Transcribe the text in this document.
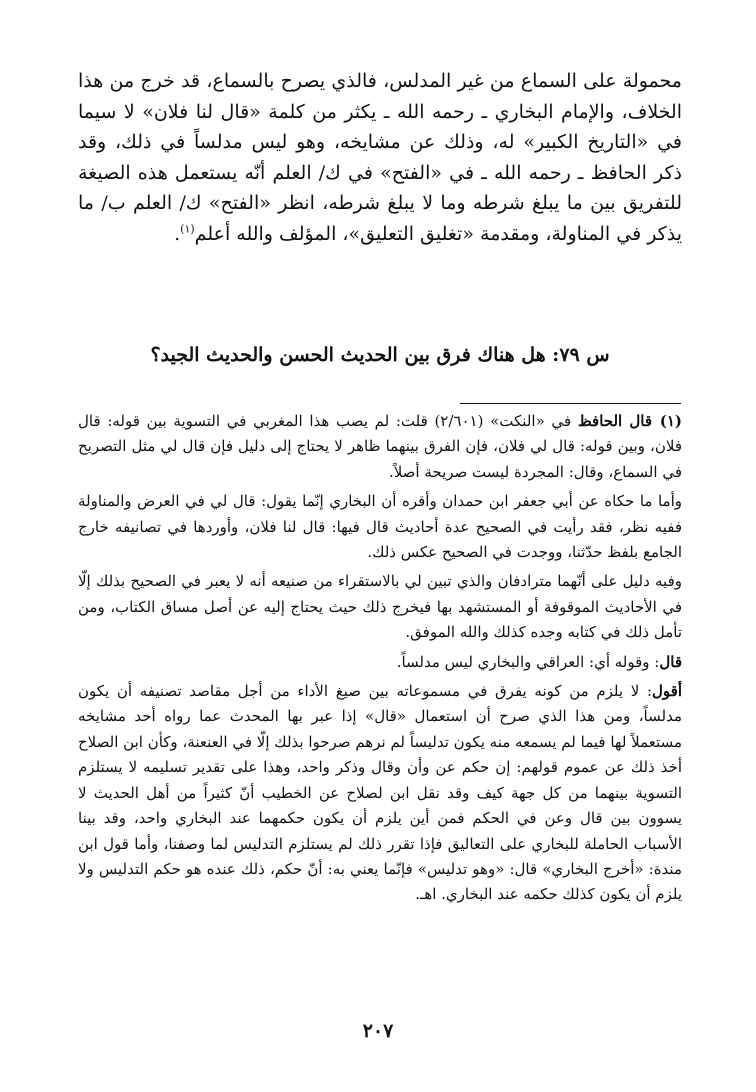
محمولة على السماع من غير المدلس، فالذي يصرح بالسماع، قد خرج من هذا الخلاف، والإمام البخاري ـ رحمه الله ـ يكثر من كلمة «قال لنا فلان» لا سيما في «التاريخ الكبير» له، وذلك عن مشايخه، وهو ليس مدلساً في ذلك، وقد ذكر الحافظ ـ رحمه الله ـ في «الفتح» في ك/ العلم أنّه يستعمل هذه الصيغة للتفريق بين ما يبلغ شرطه وما لا يبلغ شرطه، انظر «الفتح» ك/ العلم ب/ ما يذكر في المناولة، ومقدمة «تغليق التعليق»، المؤلف والله أعلم$^{(١)}$.

س ٧٩: هل هناك فرق بين الحديث الحسن والحديث الجيد؟

(١)قال الحافظ في «النكت» (٢/٦٠١) قلت: لم يصب هذا المغربي في التسوية بين قوله: قال فلان، وبين قوله: قال لي فلان، فإن الفرق بينهما ظاهر لا يحتاج إلى دليل فإن قال لي مثل التصريح في السماع، وقال: المجردة ليست صريحة أصلاً.

وأما ما حكاه عن أبي جعفر ابن حمدان وأقره أن البخاري إنّما يقول: قال لي في العرض والمناولة ففيه نظر، فقد رأيت في الصحيح عدة أحاديث قال فيها: قال لنا فلان، وأوردها في تصانيفه خارج الجامع بلفظ حدّثنا، ووجدت في الصحيح عكس ذلك.

وفيه دليل على أنّهما مترادفان والذي تبين لي بالاستقراء من صنيعه أنه لا يعبر في الصحيح بذلك إلّا في الأحاديث الموقوفة أو المستشهد بها فيخرج ذلك حيث يحتاج إليه عن أصل مساق الكتاب، ومن تأمل ذلك في كتابه وجده كذلك والله الموفق.

قال: وقوله أي: العراقي والبخاري ليس مدلساً.

أقول: لا يلزم من كونه يفرق في مسموعاته بين صيغ الأداء من أجل مقاصد تصنيفه أن يكون مدلساً، ومن هذا الذي صرح أن استعمال «قال» إذا عبر بها المحدث عما رواه أحد مشايخه مستعملاً لها فيما لم يسمعه منه يكون تدليساً لم نرهم صرحوا بذلك إلّا في العنعنة، وكأن ابن الصلاح أخذ ذلك عن عموم قولهم: إن حكم عن وأن وقال وذكر واحد، وهذا على تقدير تسليمه لا يستلزم التسوية بينهما من كل جهة كيف وقد نقل ابن لصلاح عن الخطيب أنّ كثيراً من أهل الحديث لا يسوون بين قال وعن في الحكم فمن أين يلزم أن يكون حكمهما عند البخاري واحد، وقد بينا الأسباب الحاملة للبخاري على التعاليق فإذا تقرر ذلك لم يستلزم التدليس لما وصفنا، وأما قول ابن مندة: «أخرج البخاري» قال: «وهو تدليس» فإنّما يعني به: أنّ حكم، ذلك عنده هو حكم التدليس ولا يلزم أن يكون كذلك حكمه عند البخاري. اهـ.

٢٠٧
